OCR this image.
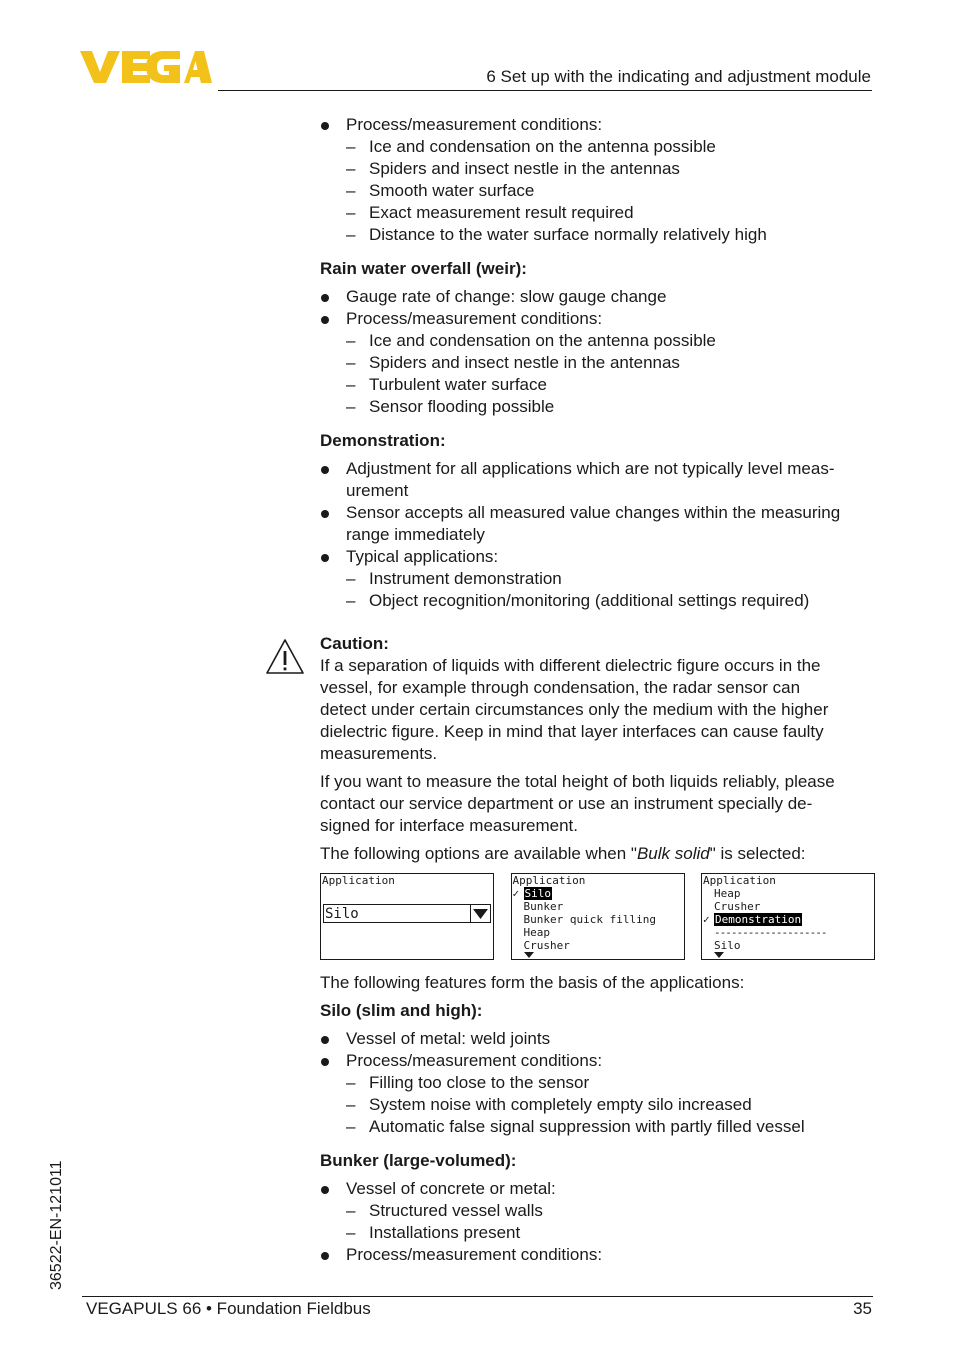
6 Set up with the indicating and adjustment module
Process/measurement conditions:
– Ice and condensation on the antenna possible
– Spiders and insect nestle in the antennas
– Smooth water surface
– Exact measurement result required
– Distance to the water surface normally relatively high
Rain water overfall (weir):
Gauge rate of change: slow gauge change
Process/measurement conditions:
– Ice and condensation on the antenna possible
– Spiders and insect nestle in the antennas
– Turbulent water surface
– Sensor flooding possible
Demonstration:
Adjustment for all applications which are not typically level meas-
urement
Sensor accepts all measured value changes within the measuring
range immediately
Typical applications:
– Instrument demonstration
– Object recognition/monitoring (additional settings required)
Caution:
If a separation of liquids with different dielectric figure occurs in the
vessel, for example through condensation, the radar sensor can
detect under certain circumstances only the medium with the higher
dielectric figure. Keep in mind that layer interfaces can cause faulty
measurements.
If you want to measure the total height of both liquids reliably, please
contact our service department or use an instrument specially de-
signed for interface measurement.
The following options are available when "Bulk solid" is selected:
Application
Silo
Application
✓ Silo
Bunker
Bunker quick filling
Heap
Crusher
Application
Heap
Crusher
✓ Demonstration
--------------------
Silo
The following features form the basis of the applications:
Silo (slim and high):
Vessel of metal: weld joints
Process/measurement conditions:
– Filling too close to the sensor
– System noise with completely empty silo increased
– Automatic false signal suppression with partly filled vessel
Bunker (large-volumed):
Vessel of concrete or metal:
– Structured vessel walls
– Installations present
Process/measurement conditions:
36522-EN-121011
VEGAPULS 66 • Foundation Fieldbus	35
